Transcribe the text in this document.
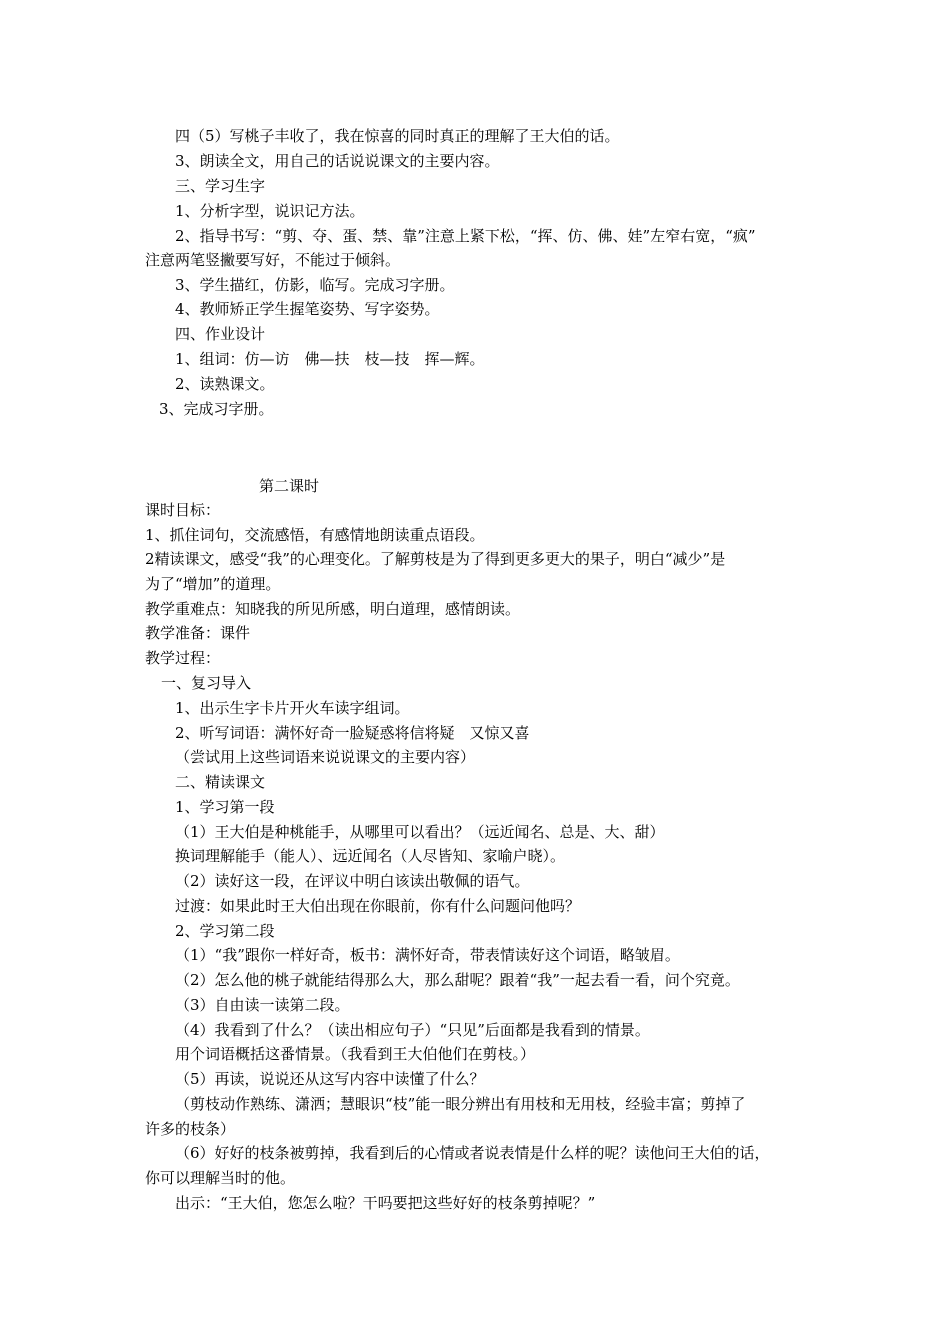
四（5）写桃子丰收了，我在惊喜的同时真正的理解了王大伯的话。
3、朗读全文，用自己的话说说课文的主要内容。
三、学习生字
1、分析字型，说识记方法。
2、指导书写：“剪、夺、蛋、禁、靠”注意上紧下松，“挥、仿、佛、娃”左窄右宽，“疯”
注意两笔竖撇要写好，不能过于倾斜。
3、学生描红，仿影，临写。完成习字册。
4、教师矫正学生握笔姿势、写字姿势。
四、作业设计
1、组词：仿—访　佛—扶　枝—技　挥—辉。
2、读熟课文。
3、完成习字册。
第二课时
课时目标：
1、抓住词句，交流感悟，有感情地朗读重点语段。
2精读课文，感受“我”的心理变化。了解剪枝是为了得到更多更大的果子，明白“减少”是
为了“增加”的道理。
教学重难点：知晓我的所见所感，明白道理，感情朗读。
教学准备：课件
教学过程：
一、复习导入
1、出示生字卡片开火车读字组词。
2、听写词语：满怀好奇一脸疑惑将信将疑　又惊又喜
（尝试用上这些词语来说说课文的主要内容）
二、精读课文
1、学习第一段
（1）王大伯是种桃能手，从哪里可以看出？（远近闻名、总是、大、甜）
换词理解能手（能人）、远近闻名（人尽皆知、家喻户晓）。
（2）读好这一段，在评议中明白该读出敬佩的语气。
过渡：如果此时王大伯出现在你眼前，你有什么问题问他吗？
2、学习第二段
（1）“我”跟你一样好奇，板书：满怀好奇，带表情读好这个词语，略皱眉。
（2）怎么他的桃子就能结得那么大，那么甜呢？跟着“我”一起去看一看，问个究竟。
（3）自由读一读第二段。
（4）我看到了什么？（读出相应句子）“只见”后面都是我看到的情景。
用个词语概括这番情景。（我看到王大伯他们在剪枝。）
（5）再读，说说还从这写内容中读懂了什么？
（剪枝动作熟练、潇洒；慧眼识“枝”能一眼分辨出有用枝和无用枝，经验丰富；剪掉了
许多的枝条）
（6）好好的枝条被剪掉，我看到后的心情或者说表情是什么样的呢？读他问王大伯的话，
你可以理解当时的他。
出示：“王大伯，您怎么啦？干吗要把这些好好的枝条剪掉呢？”
